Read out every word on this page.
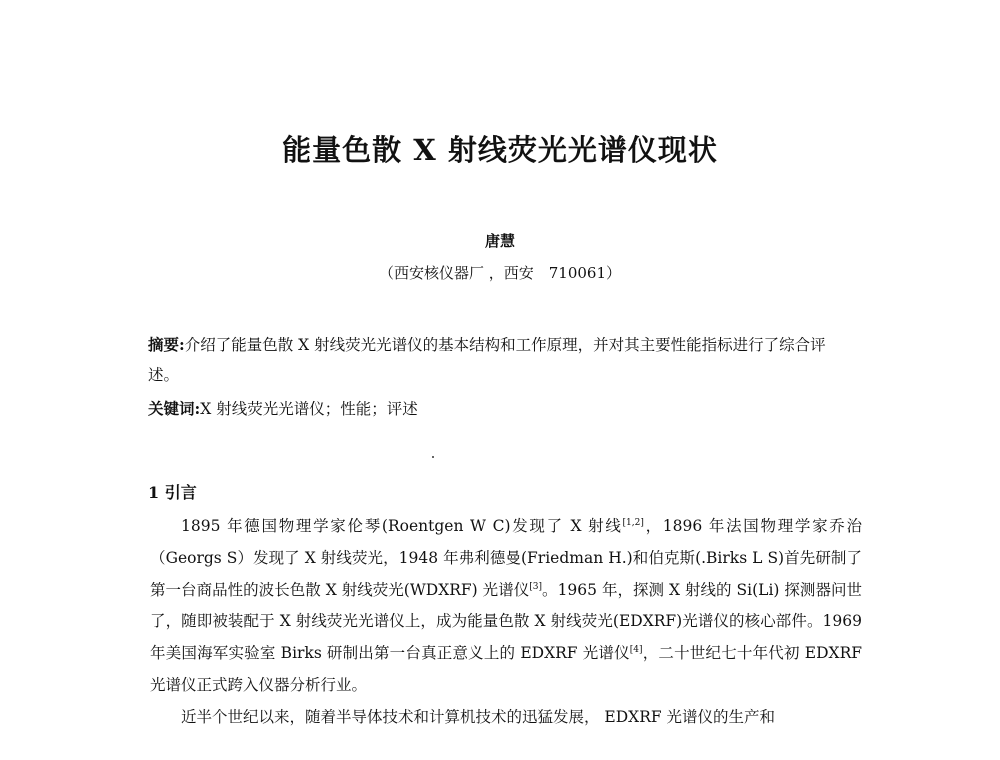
能量色散 X 射线荧光光谱仪现状
唐慧
（西安核仪器厂 ，西安　710061）
摘要:介绍了能量色散 X 射线荧光光谱仪的基本结构和工作原理，并对其主要性能指标进行了综合评述。
关键词:X 射线荧光光谱仪；性能；评述
1 引言

1895 年德国物理学家伦琴(Roentgen W C)发现了 X 射线[1,2]，1896 年法国物理学家乔治（Georgs S）发现了 X 射线荧光，1948 年弗利德曼(Friedman H.)和伯克斯(.Birks L S)首先研制了第一台商品性的波长色散 X 射线荧光(WDXRF) 光谱仪[3]。1965 年，探测 X 射线的 Si(Li) 探测器问世了，随即被装配于 X 射线荧光光谱仪上，成为能量色散 X 射线荧光(EDXRF)光谱仪的核心部件。1969 年美国海军实验室 Birks 研制出第一台真正意义上的 EDXRF 光谱仪[4]，二十世纪七十年代初 EDXRF 光谱仪正式跨入仪器分析行业。

近半个世纪以来，随着半导体技术和计算机技术的迅猛发展， EDXRF 光谱仪的生产和
